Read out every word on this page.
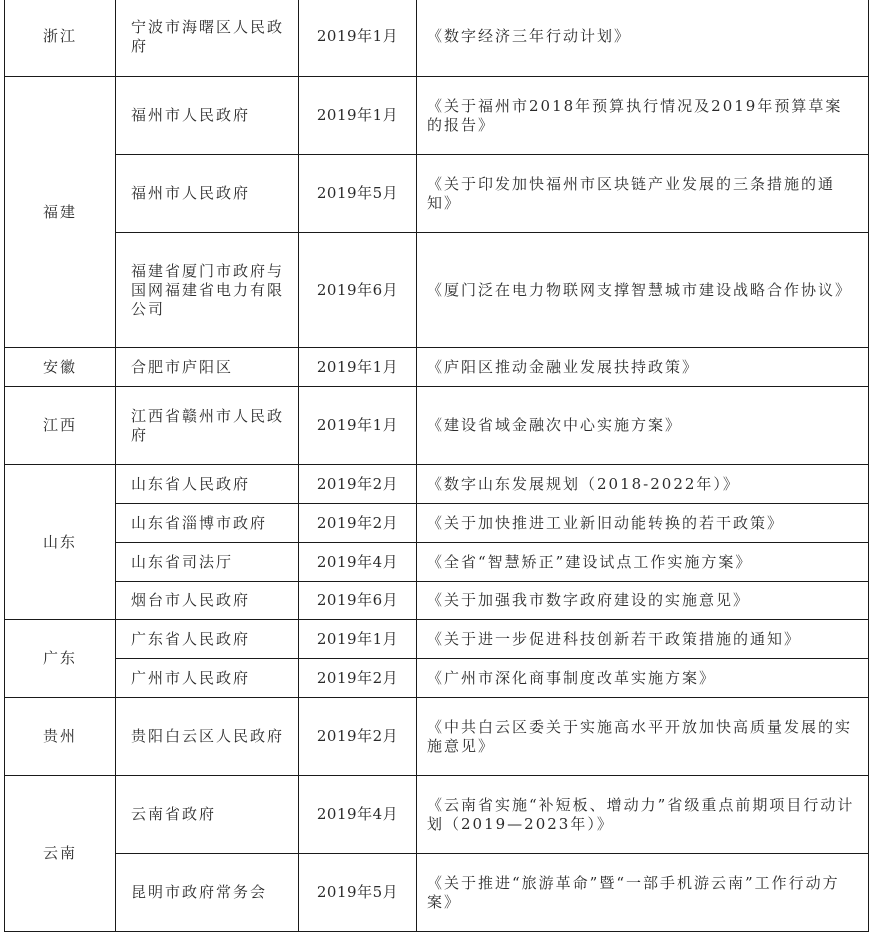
浙江	宁波市海曙区人民政府	2019年1月	《数字经济三年行动计划》
福建	福州市人民政府	2019年1月	《关于福州市2018年预算执行情况及2019年预算草案的报告》
	福州市人民政府	2019年5月	《关于印发加快福州市区块链产业发展的三条措施的通知》
	福建省厦门市政府与国网福建省电力有限公司	2019年6月	《厦门泛在电力物联网支撑智慧城市建设战略合作协议》
安徽	合肥市庐阳区	2019年1月	《庐阳区推动金融业发展扶持政策》
江西	江西省赣州市人民政府	2019年1月	《建设省域金融次中心实施方案》
山东	山东省人民政府	2019年2月	《数字山东发展规划（2018-2022年）》
	山东省淄博市政府	2019年2月	《关于加快推进工业新旧动能转换的若干政策》
	山东省司法厅	2019年4月	《全省“智慧矫正”建设试点工作实施方案》
	烟台市人民政府	2019年6月	《关于加强我市数字政府建设的实施意见》
广东	广东省人民政府	2019年1月	《关于进一步促进科技创新若干政策措施的通知》
	广州市人民政府	2019年2月	《广州市深化商事制度改革实施方案》
贵州	贵阳白云区人民政府	2019年2月	《中共白云区委关于实施高水平开放加快高质量发展的实施意见》
云南	云南省政府	2019年4月	《云南省实施“补短板、增动力”省级重点前期项目行动计划（2019—2023年）》
	昆明市政府常务会	2019年5月	《关于推进“旅游革命”暨“一部手机游云南”工作行动方案》
